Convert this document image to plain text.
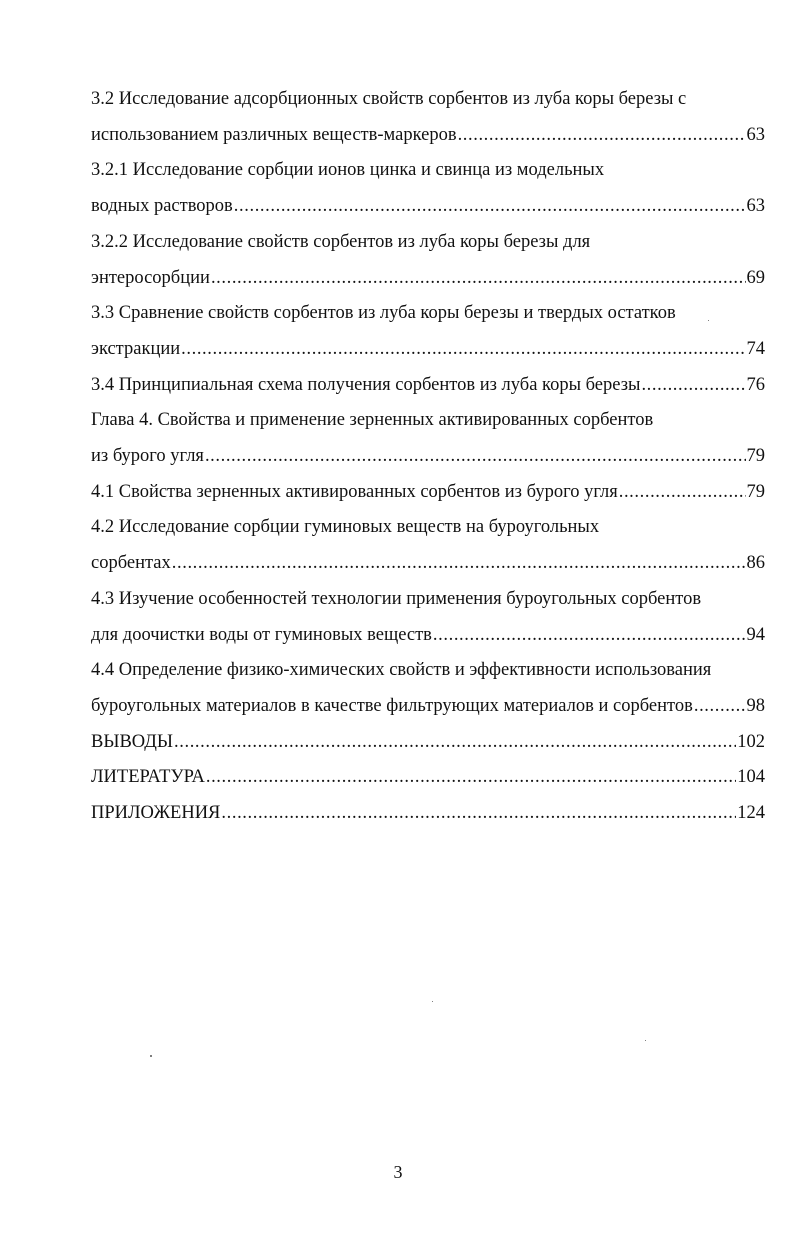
3.2 Исследование адсорбционных свойств сорбентов из луба коры березы с
использованием различных веществ-маркеров .....	63
3.2.1 Исследование сорбции ионов цинка и свинца из модельных
водных растворов .....	63
3.2.2 Исследование свойств сорбентов из луба коры березы для
энтеросорбции .....	69
3.3 Сравнение свойств сорбентов из луба коры березы и твердых остатков
экстракции .....	74
3.4 Принципиальная схема получения сорбентов из луба коры березы .....	76
Глава 4. Свойства и применение зерненных активированных сорбентов
из бурого угля .....	79
4.1 Свойства зерненных активированных сорбентов из бурого угля .....	79
4.2 Исследование сорбции гуминовых веществ на буроугольных
сорбентах .....	86
4.3 Изучение особенностей технологии применения буроугольных сорбентов
для доочистки воды от гуминовых веществ .....	94
4.4 Определение физико-химических свойств и эффективности использования
буроугольных материалов в качестве фильтрующих материалов и сорбентов .....	98
ВЫВОДЫ .....	102
ЛИТЕРАТУРА .....	104
ПРИЛОЖЕНИЯ .....	124
3
